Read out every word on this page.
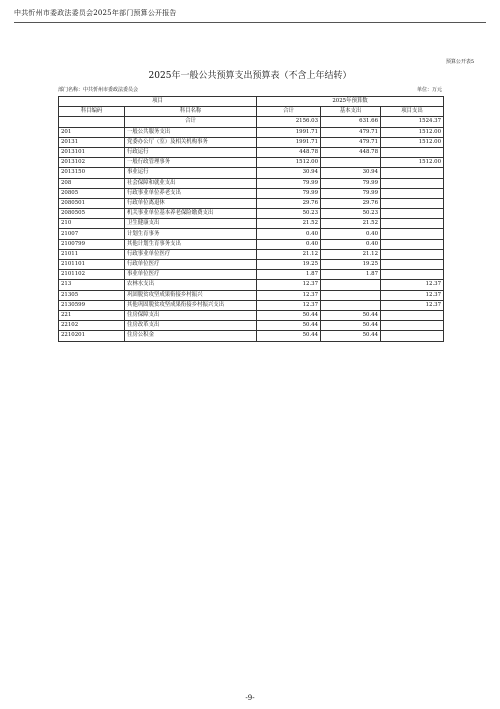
中共忻州市委政法委员会2025年部门预算公开报告
预算公开表5
2025年一般公共预算支出预算表（不含上年结转）
部门名称：中共忻州市委政法委员会	单位：万元
项目		2025年预算数		
科目编码	科目名称	合计	基本支出	项目支出
	合计	2156.03	631.66	1524.37
201	一般公共服务支出	1991.71	479.71	1512.00
20131	党委办公厅（室）及相关机构事务	1991.71	479.71	1512.00
2013101	行政运行	448.78	448.78	
2013102	一般行政管理事务	1512.00		1512.00
2013150	事业运行	30.94	30.94	
208	社会保障和就业支出	79.99	79.99	
20805	行政事业单位养老支出	79.99	79.99	
2080501	行政单位离退休	29.76	29.76	
2080505	机关事业单位基本养老保险缴费支出	50.23	50.23	
210	卫生健康支出	21.52	21.52	
21007	计划生育事务	0.40	0.40	
2100799	其他计划生育事务支出	0.40	0.40	
21011	行政事业单位医疗	21.12	21.12	
2101101	行政单位医疗	19.25	19.25	
2101102	事业单位医疗	1.87	1.87	
213	农林水支出	12.37		12.37
21305	巩固脱贫攻坚成果衔接乡村振兴	12.37		12.37
2130599	其他巩固脱贫攻坚成果衔接乡村振兴支出	12.37		12.37
221	住房保障支出	50.44	50.44	
22102	住房改革支出	50.44	50.44	
2210201	住房公积金	50.44	50.44	
-9-
